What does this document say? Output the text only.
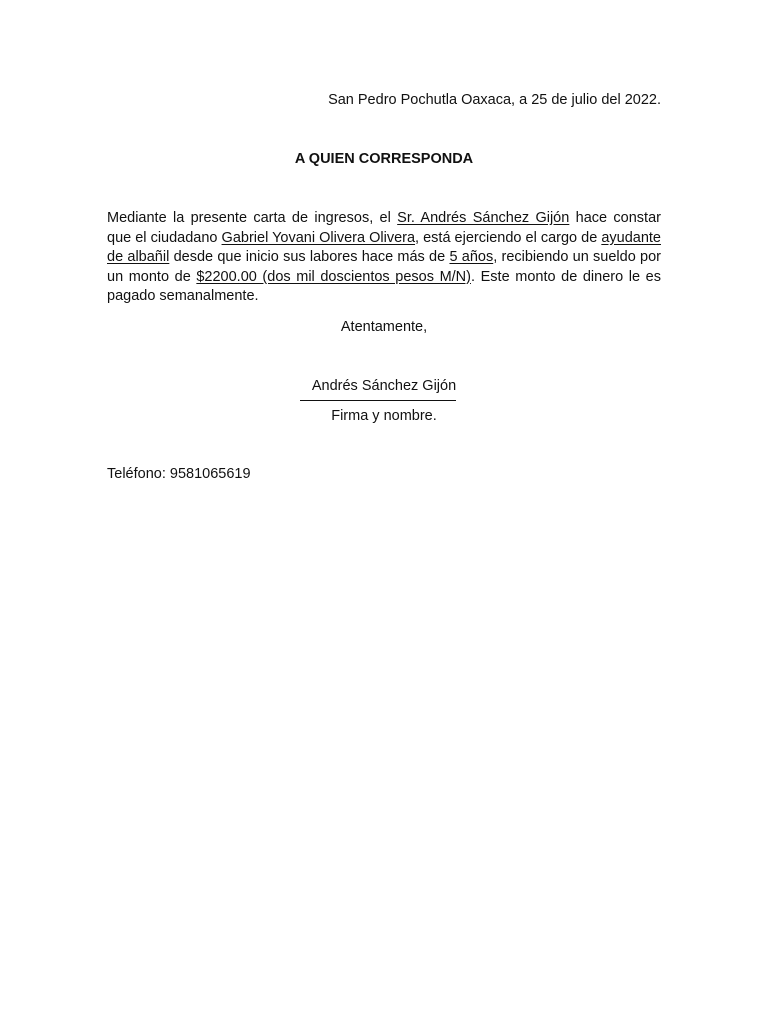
San Pedro Pochutla Oaxaca, a 25 de julio del 2022.
A QUIEN CORRESPONDA

Mediante la presente carta de ingresos, el Sr. Andrés Sánchez Gijón hace constar que el ciudadano Gabriel Yovani Olivera Olivera, está ejerciendo el cargo de ayudante de albañil desde que inicio sus labores hace más de 5 años, recibiendo un sueldo por un monto de $2200.00 (dos mil doscientos pesos M/N). Este monto de dinero le es pagado semanalmente.

Atentamente,
Andrés Sánchez Gijón
Firma y nombre.
Teléfono: 9581065619
